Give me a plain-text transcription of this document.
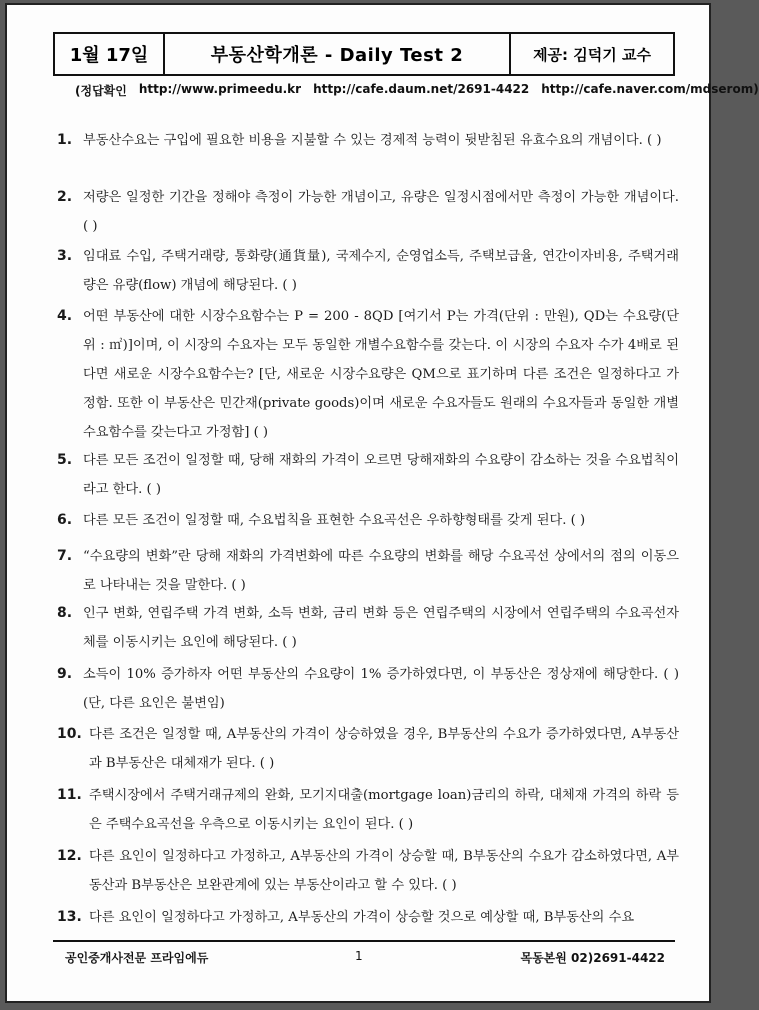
1월 17일	부동산학개론 - Daily Test 2	제공: 김덕기 교수
(정답확인 http://www.primeedu.kr http://cafe.daum.net/2691-4422 http://cafe.naver.com/mdserom)
1. 부동산수요는 구입에 필요한 비용을 지불할 수 있는 경제적 능력이 뒷받침된 유효수요의 개념이다. ( )
2. 저량은 일정한 기간을 정해야 측정이 가능한 개념이고, 유량은 일정시점에서만 측정이 가능한 개념이다. ( )
3. 임대료 수입, 주택거래량, 통화량(通貨量), 국제수지, 순영업소득, 주택보급율, 연간이자비용, 주택거래량은 유량(flow) 개념에 해당된다. ( )
4. 어떤 부동산에 대한 시장수요함수는 P = 200 - 8QD [여기서 P는 가격(단위 : 만원), QD는 수요량(단위 : ㎡)]이며, 이 시장의 수요자는 모두 동일한 개별수요함수를 갖는다. 이 시장의 수요자 수가 4배로 된다면 새로운 시장수요함수는? [단, 새로운 시장수요량은 QM으로 표기하며 다른 조건은 일정하다고 가정함. 또한 이 부동산은 민간재(private goods)이며 새로운 수요자들도 원래의 수요자들과 동일한 개별수요함수를 갖는다고 가정함] ( )
5. 다른 모든 조건이 일정할 때, 당해 재화의 가격이 오르면 당해재화의 수요량이 감소하는 것을 수요법칙이라고 한다. ( )
6. 다른 모든 조건이 일정할 때, 수요법칙을 표현한 수요곡선은 우하향형태를 갖게 된다. ( )
7. “수요량의 변화”란 당해 재화의 가격변화에 따른 수요량의 변화를 해당 수요곡선 상에서의 점의 이동으로 나타내는 것을 말한다. ( )
8. 인구 변화, 연립주택 가격 변화, 소득 변화, 금리 변화 등은 연립주택의 시장에서 연립주택의 수요곡선자체를 이동시키는 요인에 해당된다. ( )
9. 소득이 10% 증가하자 어떤 부동산의 수요량이 1% 증가하였다면, 이 부동산은 정상재에 해당한다. ( )(단, 다른 요인은 불변임)
10. 다른 조건은 일정할 때, A부동산의 가격이 상승하였을 경우, B부동산의 수요가 증가하였다면, A부동산과 B부동산은 대체재가 된다. ( )
11. 주택시장에서 주택거래규제의 완화, 모기지대출(mortgage loan)금리의 하락, 대체재 가격의 하락 등은 주택수요곡선을 우측으로 이동시키는 요인이 된다. ( )
12. 다른 요인이 일정하다고 가정하고, A부동산의 가격이 상승할 때, B부동산의 수요가 감소하였다면, A부동산과 B부동산은 보완관계에 있는 부동산이라고 할 수 있다. ( )
13. 다른 요인이 일정하다고 가정하고, A부동산의 가격이 상승할 것으로 예상할 때, B부동산의 수요
공인중개사전문 프라임에듀	1	목동본원 02)2691-4422
